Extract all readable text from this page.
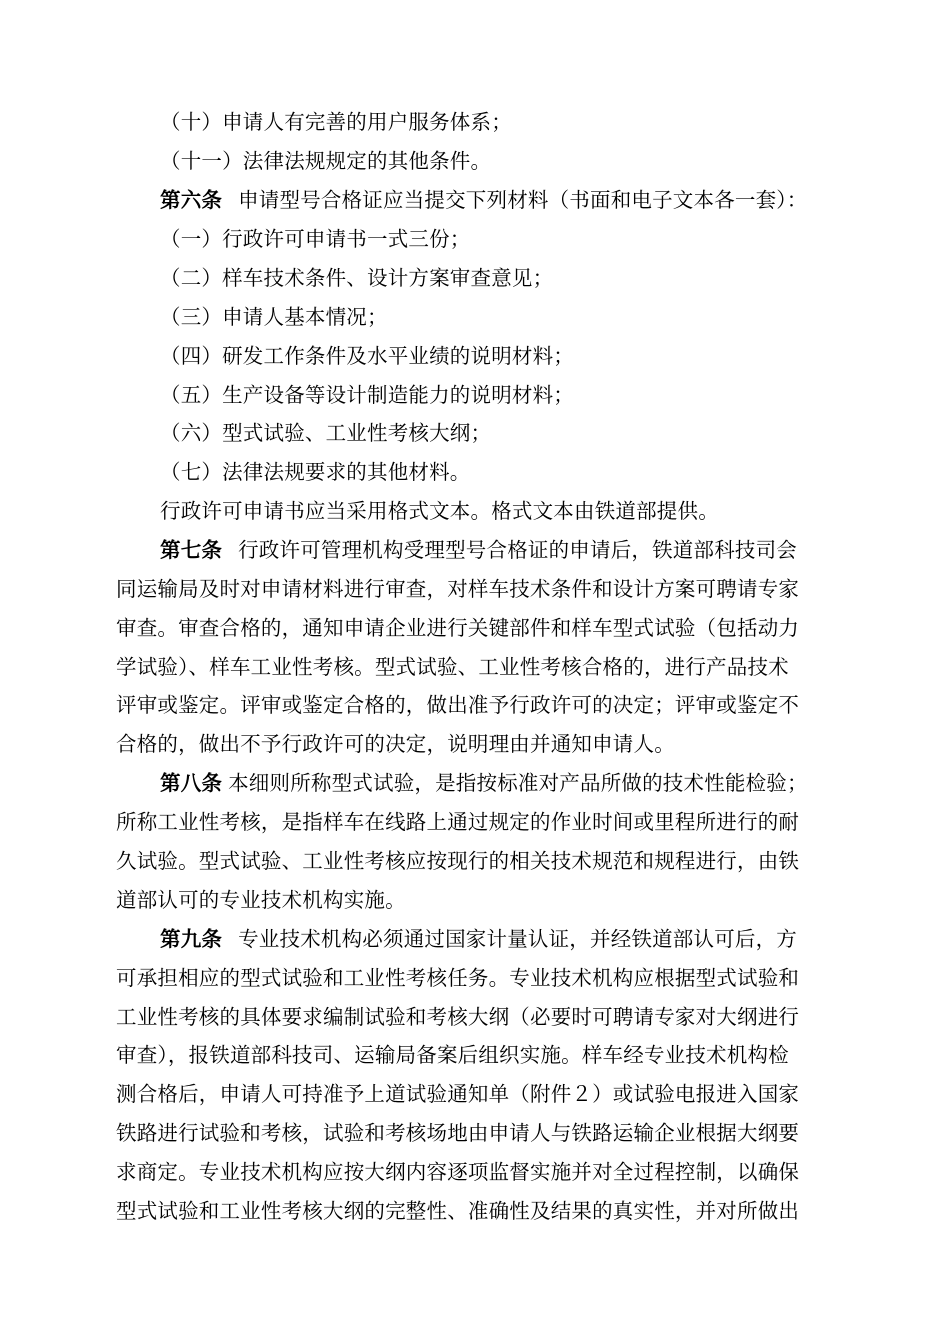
（十）申请人有完善的用户服务体系；
（十一）法律法规规定的其他条件。
第六条 申请型号合格证应当提交下列材料（书面和电子文本各一套）：
（一）行政许可申请书一式三份；
（二）样车技术条件、设计方案审查意见；
（三）申请人基本情况；
（四）研发工作条件及水平业绩的说明材料；
（五）生产设备等设计制造能力的说明材料；
（六）型式试验、工业性考核大纲；
（七）法律法规要求的其他材料。
行政许可申请书应当采用格式文本。格式文本由铁道部提供。
第七条 行政许可管理机构受理型号合格证的申请后，铁道部科技司会
同运输局及时对申请材料进行审查，对样车技术条件和设计方案可聘请专家
审查。审查合格的，通知申请企业进行关键部件和样车型式试验（包括动力
学试验）、样车工业性考核。型式试验、工业性考核合格的，进行产品技术
评审或鉴定。评审或鉴定合格的，做出准予行政许可的决定；评审或鉴定不
合格的，做出不予行政许可的决定，说明理由并通知申请人。
第八条 本细则所称型式试验，是指按标准对产品所做的技术性能检验；
所称工业性考核，是指样车在线路上通过规定的作业时间或里程所进行的耐
久试验。型式试验、工业性考核应按现行的相关技术规范和规程进行，由铁
道部认可的专业技术机构实施。
第九条 专业技术机构必须通过国家计量认证，并经铁道部认可后，方
可承担相应的型式试验和工业性考核任务。专业技术机构应根据型式试验和
工业性考核的具体要求编制试验和考核大纲（必要时可聘请专家对大纲进行
审查），报铁道部科技司、运输局备案后组织实施。样车经专业技术机构检
测合格后，申请人可持准予上道试验通知单（附件２）或试验电报进入国家
铁路进行试验和考核，试验和考核场地由申请人与铁路运输企业根据大纲要
求商定。专业技术机构应按大纲内容逐项监督实施并对全过程控制，以确保
型式试验和工业性考核大纲的完整性、准确性及结果的真实性，并对所做出
